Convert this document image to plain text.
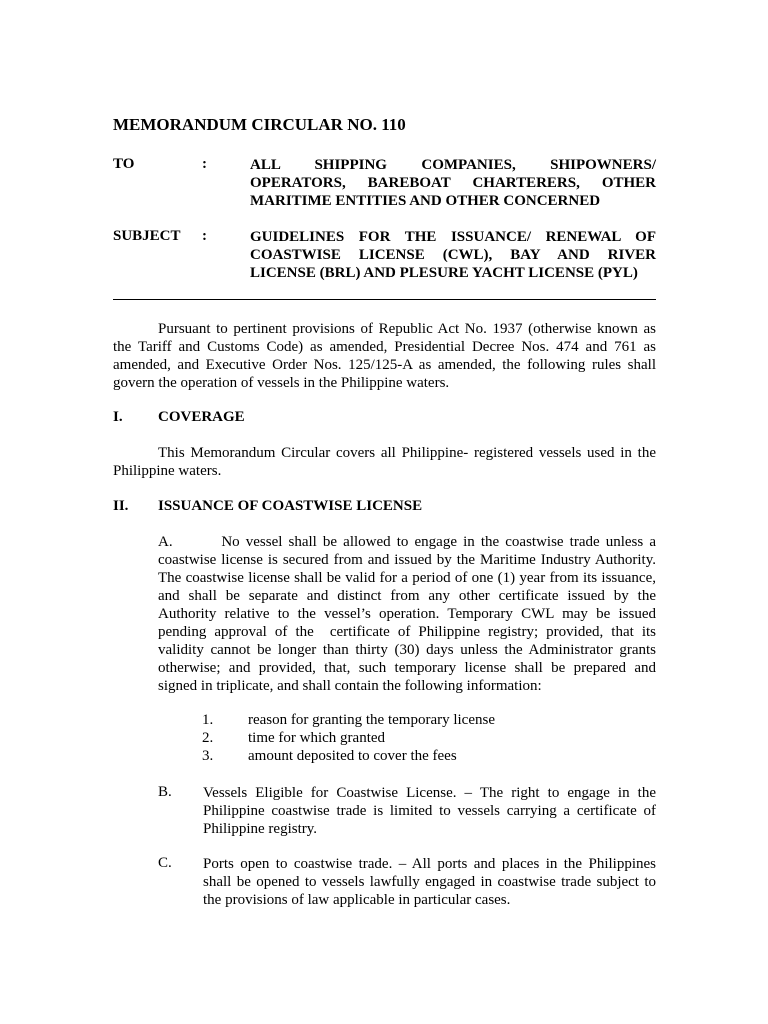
MEMORANDUM CIRCULAR NO. 110
TO	:	ALL SHIPPING COMPANIES, SHIPOWNERS/
OPERATORS, BAREBOAT CHARTERERS, OTHER
MARITIME ENTITIES AND OTHER CONCERNED
SUBJECT :	GUIDELINES FOR THE ISSUANCE/ RENEWAL OF
COASTWISE LICENSE (CWL), BAY AND RIVER
LICENSE (BRL) AND PLESURE YACHT LICENSE (PYL)
Pursuant to pertinent provisions of Republic Act No. 1937 (otherwise known as
the Tariff and Customs Code) as amended, Presidential Decree Nos. 474 and 761 as
amended, and Executive Order Nos. 125/125-A as amended, the following rules shall
govern the operation of vessels in the Philippine waters.
I. COVERAGE
This Memorandum Circular covers all Philippine- registered vessels used in the
Philippine waters.
II. ISSUANCE OF COASTWISE LICENSE
A.        No vessel shall be allowed to engage in the coastwise trade unless a
coastwise license is secured from and issued by the Maritime Industry Authority.
The coastwise license shall be valid for a period of one (1) year from its issuance,
and shall be separate and distinct from any other certificate issued by the
Authority relative to the vessel’s operation. Temporary CWL may be issued
pending approval of the  certificate of Philippine registry; provided, that its
validity cannot be longer than thirty (30) days unless the Administrator grants
otherwise; and provided, that, such temporary license shall be prepared and
signed in triplicate, and shall contain the following information:
1. reason for granting the temporary license
2. time for which granted
3. amount deposited to cover the fees
B. Vessels Eligible for Coastwise License. – The right to engage in the
Philippine coastwise trade is limited to vessels carrying a certificate of
Philippine registry.
C. Ports open to coastwise trade. – All ports and places in the Philippines
shall be opened to vessels lawfully engaged in coastwise trade subject to
the provisions of law applicable in particular cases.
